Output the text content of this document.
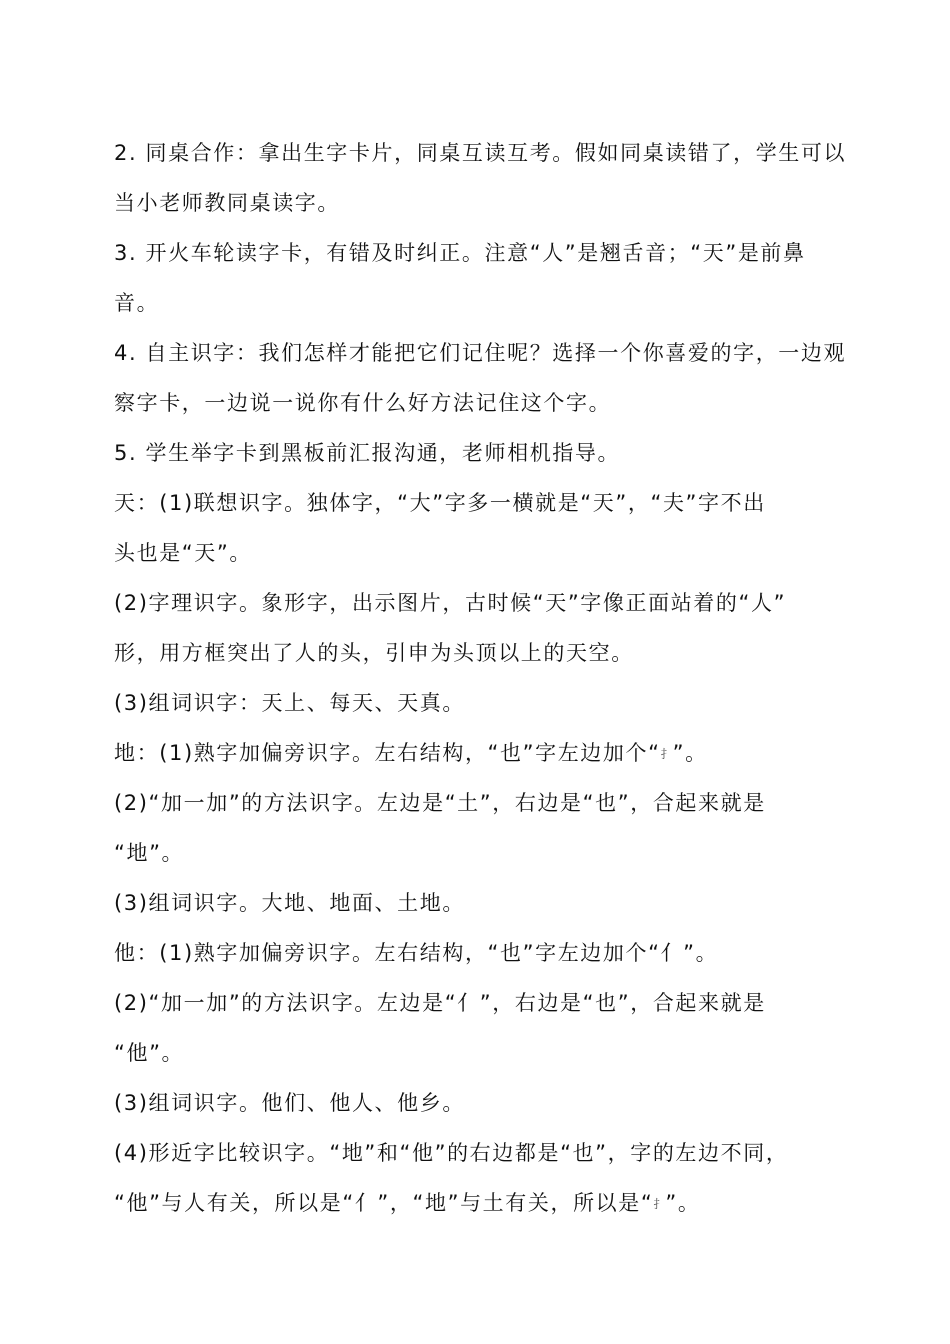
2. 同桌合作：拿出生字卡片，同桌互读互考。假如同桌读错了，学生可以
当小老师教同桌读字。
3. 开火车轮读字卡，有错及时纠正。注意“人”是翘舌音；“天”是前鼻
音。
4. 自主识字：我们怎样才能把它们记住呢？选择一个你喜爱的字，一边观
察字卡，一边说一说你有什么好方法记住这个字。
5. 学生举字卡到黑板前汇报沟通，老师相机指导。
天：(1)联想识字。独体字，“大”字多一横就是“天”，“夫”字不出
头也是“天”。
(2)字理识字。象形字，出示图片，古时候“天”字像正面站着的“人”
形，用方框突出了人的头，引申为头顶以上的天空。
(3)组词识字：天上、每天、天真。
地：(1)熟字加偏旁识字。左右结构，“也”字左边加个“扌”。
(2)“加一加”的方法识字。左边是“土”，右边是“也”，合起来就是
“地”。
(3)组词识字。大地、地面、土地。
他：(1)熟字加偏旁识字。左右结构，“也”字左边加个“亻”。
(2)“加一加”的方法识字。左边是“亻”，右边是“也”，合起来就是
“他”。
(3)组词识字。他们、他人、他乡。
(4)形近字比较识字。“地”和“他”的右边都是“也”，字的左边不同，
“他”与人有关，所以是“亻”，“地”与土有关，所以是“扌”。
